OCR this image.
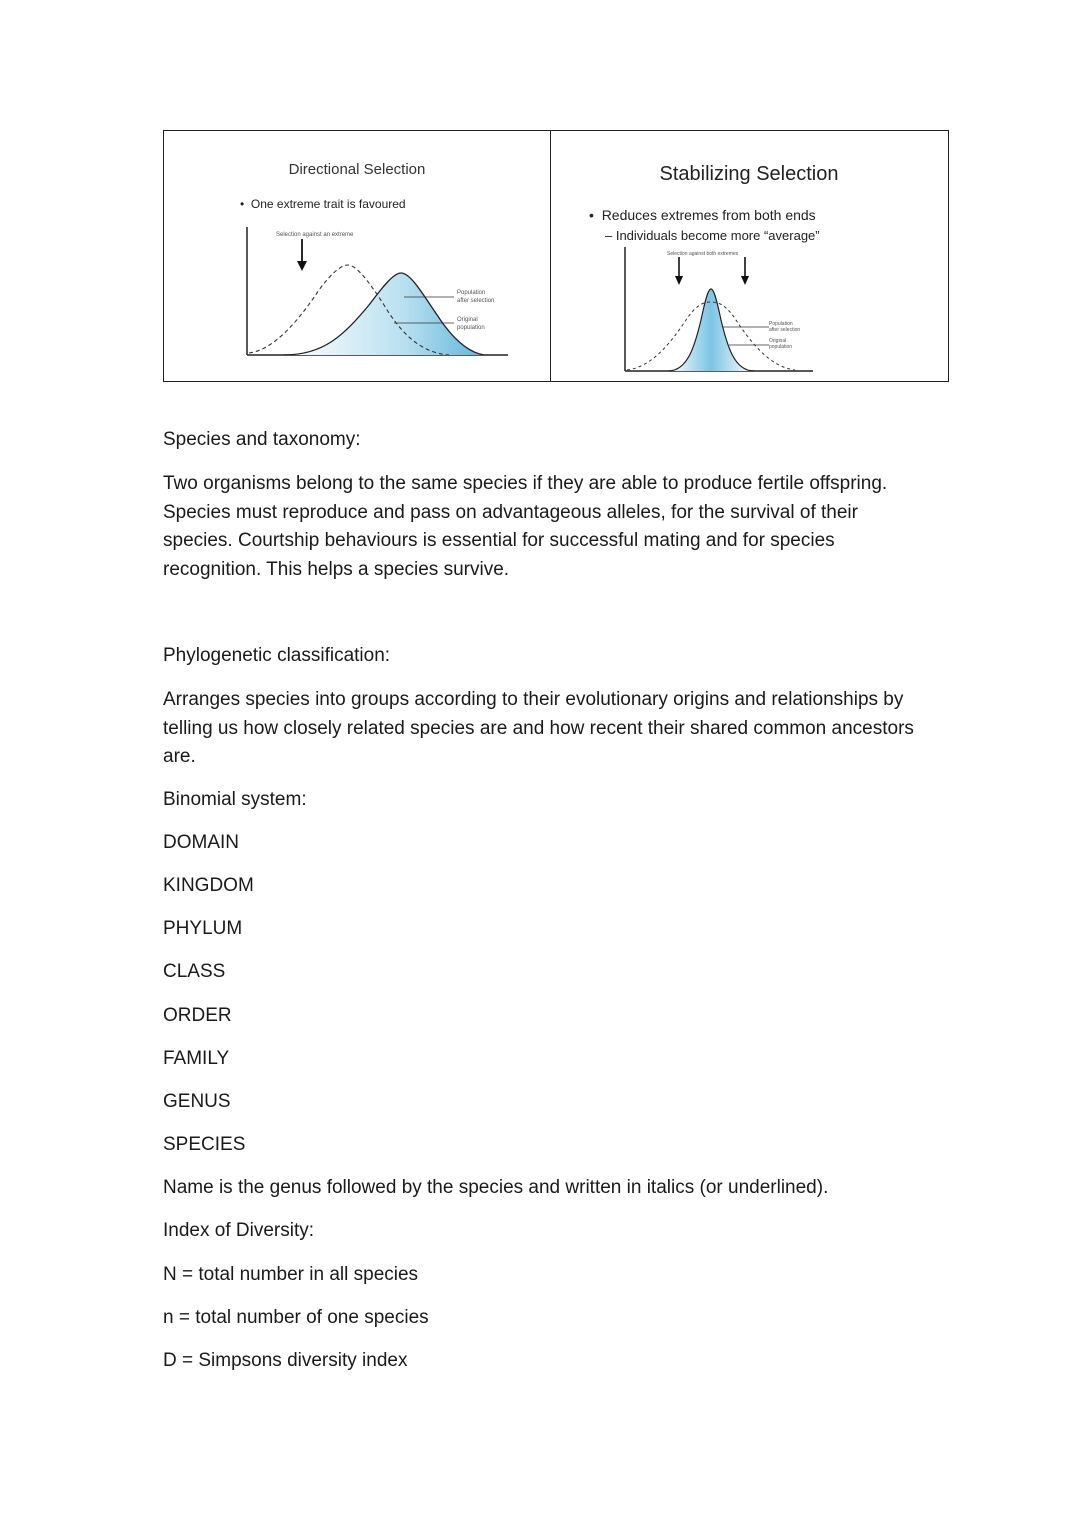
Directional Selection
•  One extreme trait is favoured
Selection against an extreme
Population
after selection
Original
population
Stabilizing Selection
•  Reduces extremes from both ends
– Individuals become more “average”
Selection against both extremes
Population
after selection
Original
population
Species and taxonomy:
Two organisms belong to the same species if they are able to produce fertile offspring.
Species must reproduce and pass on advantageous alleles, for the survival of their
species. Courtship behaviours is essential for successful mating and for species
recognition. This helps a species survive.
Phylogenetic classification:
Arranges species into groups according to their evolutionary origins and relationships by
telling us how closely related species are and how recent their shared common ancestors
are.
Binomial system:
DOMAIN
KINGDOM
PHYLUM
CLASS
ORDER
FAMILY
GENUS
SPECIES
Name is the genus followed by the species and written in italics (or underlined).
Index of Diversity:
N = total number in all species
n = total number of one species
D = Simpsons diversity index
